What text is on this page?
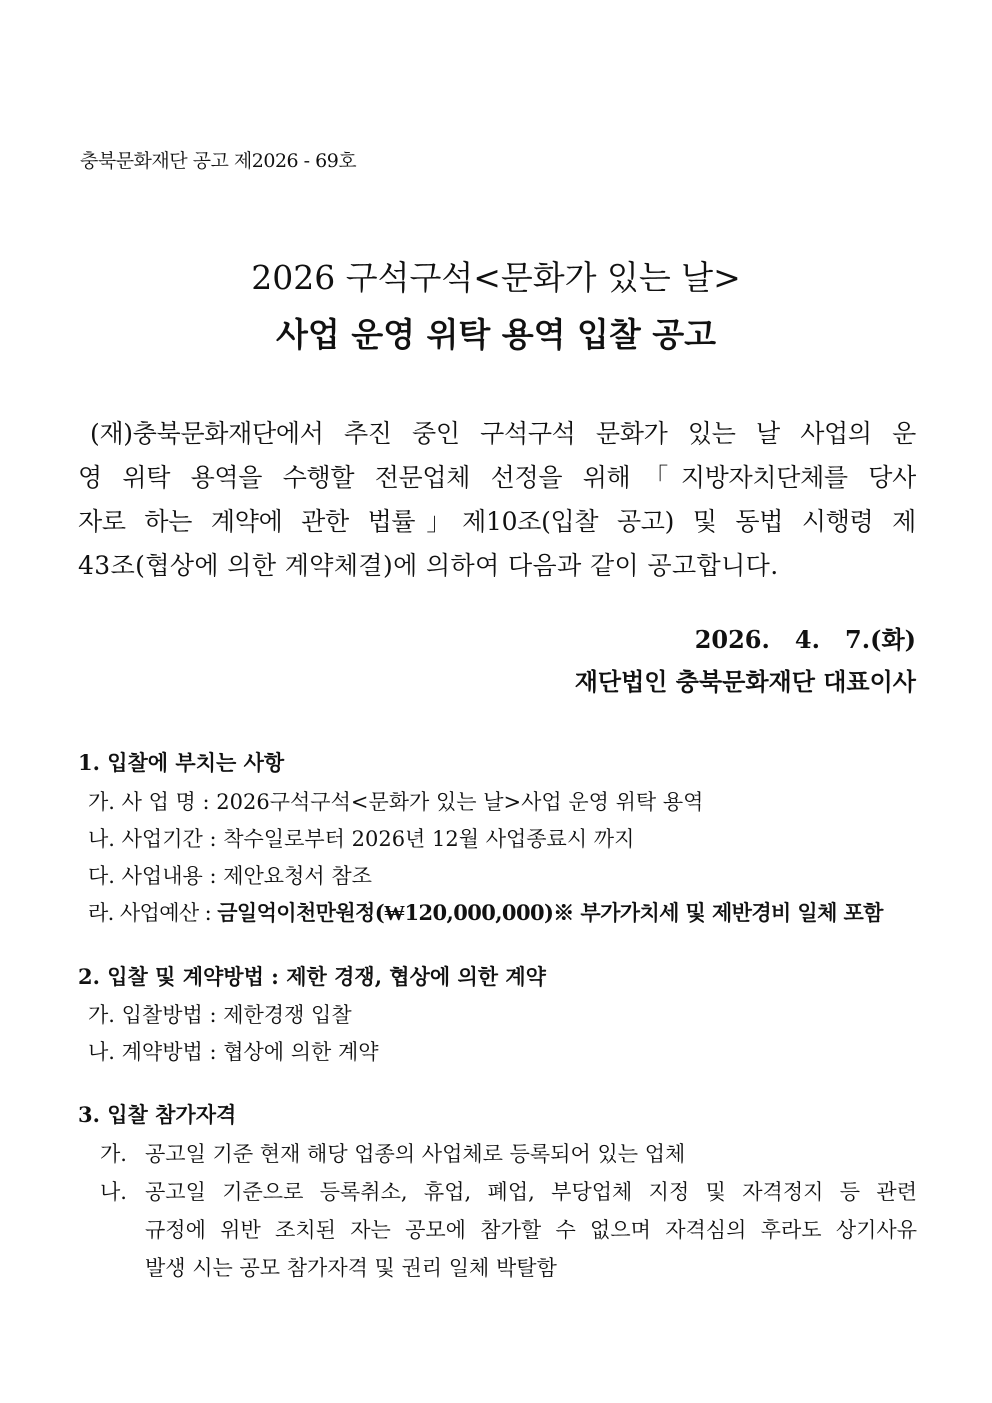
충북문화재단 공고 제2026 - 69호
2026 구석구석<문화가 있는 날>
사업 운영 위탁 용역 입찰 공고
(재)충북문화재단에서 추진 중인 구석구석 문화가 있는 날 사업의 운
영 위탁 용역을 수행할 전문업체 선정을 위해「지방자치단체를 당사
자로 하는 계약에 관한 법률」제10조(입찰 공고) 및 동법 시행령 제
43조(협상에 의한 계약체결)에 의하여 다음과 같이 공고합니다.
2026.   4.   7.(화)
재단법인 충북문화재단 대표이사
1. 입찰에 부치는 사항
가. 사 업 명 : 2026구석구석<문화가 있는 날>사업 운영 위탁 용역
나. 사업기간 : 착수일로부터 2026년 12월 사업종료시 까지
다. 사업내용 : 제안요청서 참조
라. 사업예산 : 금일억이천만원정(₩120,000,000)※ 부가가치세 및 제반경비 일체 포함
2. 입찰 및 계약방법 : 제한 경쟁, 협상에 의한 계약
가. 입찰방법 : 제한경쟁 입찰
나. 계약방법 : 협상에 의한 계약
3. 입찰 참가자격
가. 공고일 기준 현재 해당 업종의 사업체로 등록되어 있는 업체
나. 공고일 기준으로 등록취소, 휴업, 폐업, 부당업체 지정 및 자격정지 등 관련
규정에 위반 조치된 자는 공모에 참가할 수 없으며 자격심의 후라도 상기사유
발생 시는 공모 참가자격 및 권리 일체 박탈함
